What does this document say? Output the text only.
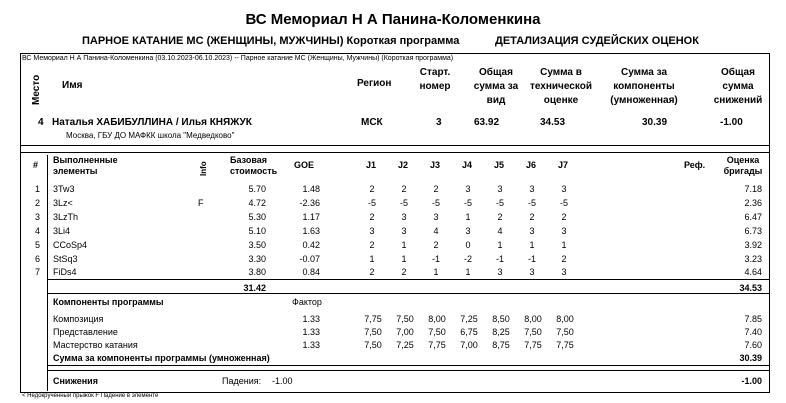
ВС Мемориал Н А Панина-Коломенкина
ПАРНОЕ КАТАНИЕ МС (ЖЕНЩИНЫ, МУЖЧИНЫ) Короткая программа	ДЕТАЛИЗАЦИЯ СУДЕЙСКИХ ОЦЕНОК
ВС Мемориал Н А Панина-Коломенкина (03.10.2023-06.10.2023) -- Парное катание МС (Женщины, Мужчины) (Короткая программа)
Место Имя	Регион
Старт. номер
Общая сумма за вид
Сумма в технической оценке
Сумма за компоненты (умноженная)
Общая сумма снижений
4 Наталья ХАБИБУЛЛИНА / Илья КНЯЖУК
Москва, ГБУ ДО МАФКК школа "Медведково"
МСК	3	63.92	34.53	30.39	-1.00
# Выполненные элементы	Info
Базовая стоимость
GOE	J1 J2 J3 J4 J5 J6 J7	Реф.	Оценка бригады
1 3Tw3	5.70	1.48	2	2	2	3	3	3	3	7.18
2 3Lz<	F	4.72	-2.36	-5	-5	-5	-5	-5	-5	-5	2.36
3 3LzTh	5.30	1.17	2	3	3	1	2	2	2	6.47
4 3Li4	5.10	1.63	3	3	4	3	4	3	3	6.73
5 CCoSp4	3.50	0.42	2	1	2	0	1	1	1	3.92
6 StSq3	3.30	-0.07	1	1	-1	-2	-1	-1	2	3.23
7 FiDs4	3.80	0.84	2	2	1	1	3	3	3	4.64
31.42	34.53
Компоненты программы	Фактор
Композиция	1.33	7,75	7,50	8,00	7,25	8,50	8,00	8,00	7.85
Представление	1.33	7,50	7,00	7,50	6,75	8,25	7,50	7,50	7.40
Мастерство катания	1.33	7,50	7,25	7,75	7,00	8,75	7,75	7,75	7.60
Сумма за компоненты программы (умноженная)	30.39
Снижения	Падения: -1.00	-1.00
< Недокрученный прыжок F Падение в элементе
